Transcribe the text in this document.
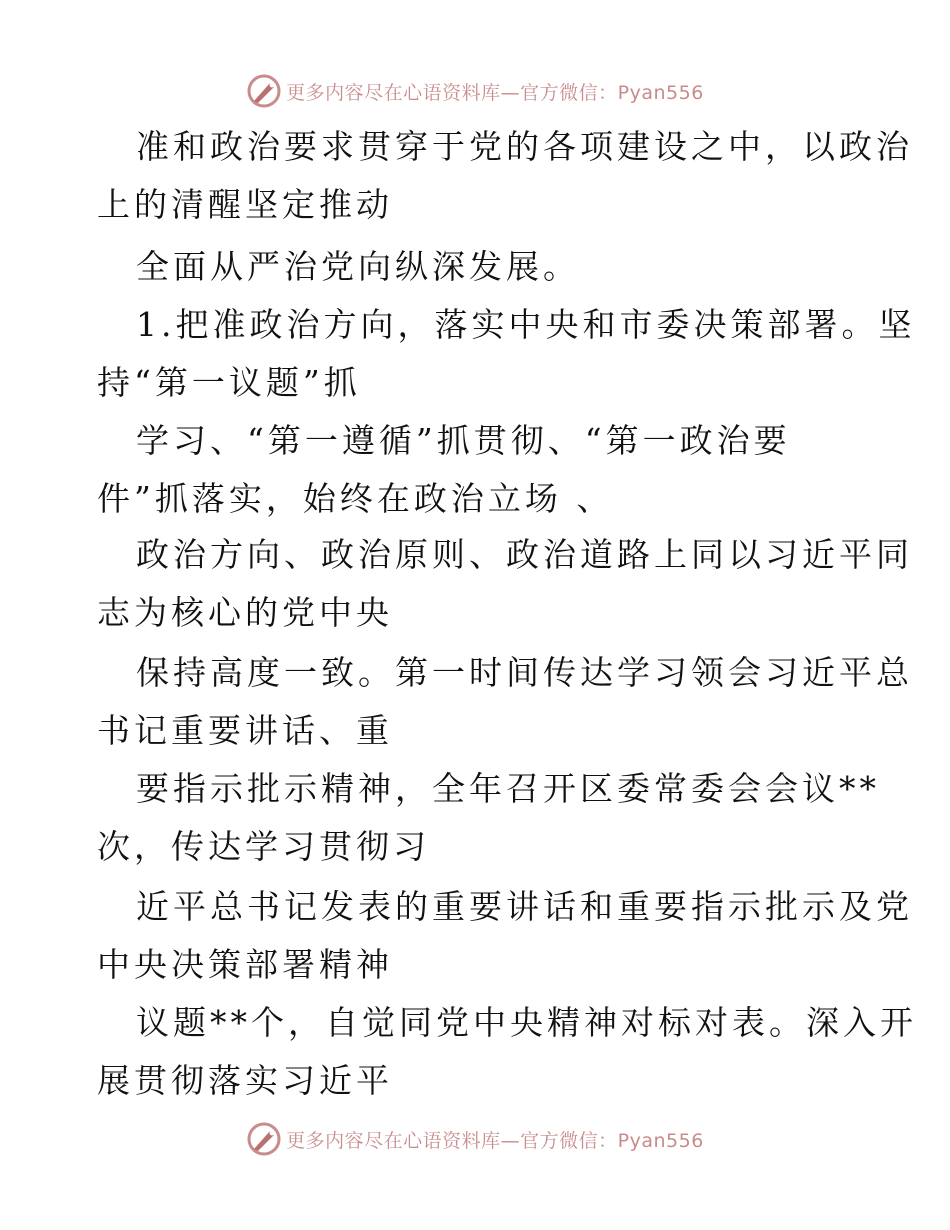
更多内容尽在心语资料库—官方微信：Pyan556
准和政治要求贯穿于党的各项建设之中，以政治
上的清醒坚定推动
全面从严治党向纵深发展。
1.把准政治方向，落实中央和市委决策部署。坚
持“第一议题”抓
学习、“第一遵循”抓贯彻、“第一政治要
件”抓落实，始终在政治立场 、
政治方向、政治原则、政治道路上同以习近平同
志为核心的党中央
保持高度一致。第一时间传达学习领会习近平总
书记重要讲话、重
要指示批示精神，全年召开区委常委会会议**
次，传达学习贯彻习
近平总书记发表的重要讲话和重要指示批示及党
中央决策部署精神
议题**个，自觉同党中央精神对标对表。深入开
展贯彻落实习近平
更多内容尽在心语资料库—官方微信：Pyan556
